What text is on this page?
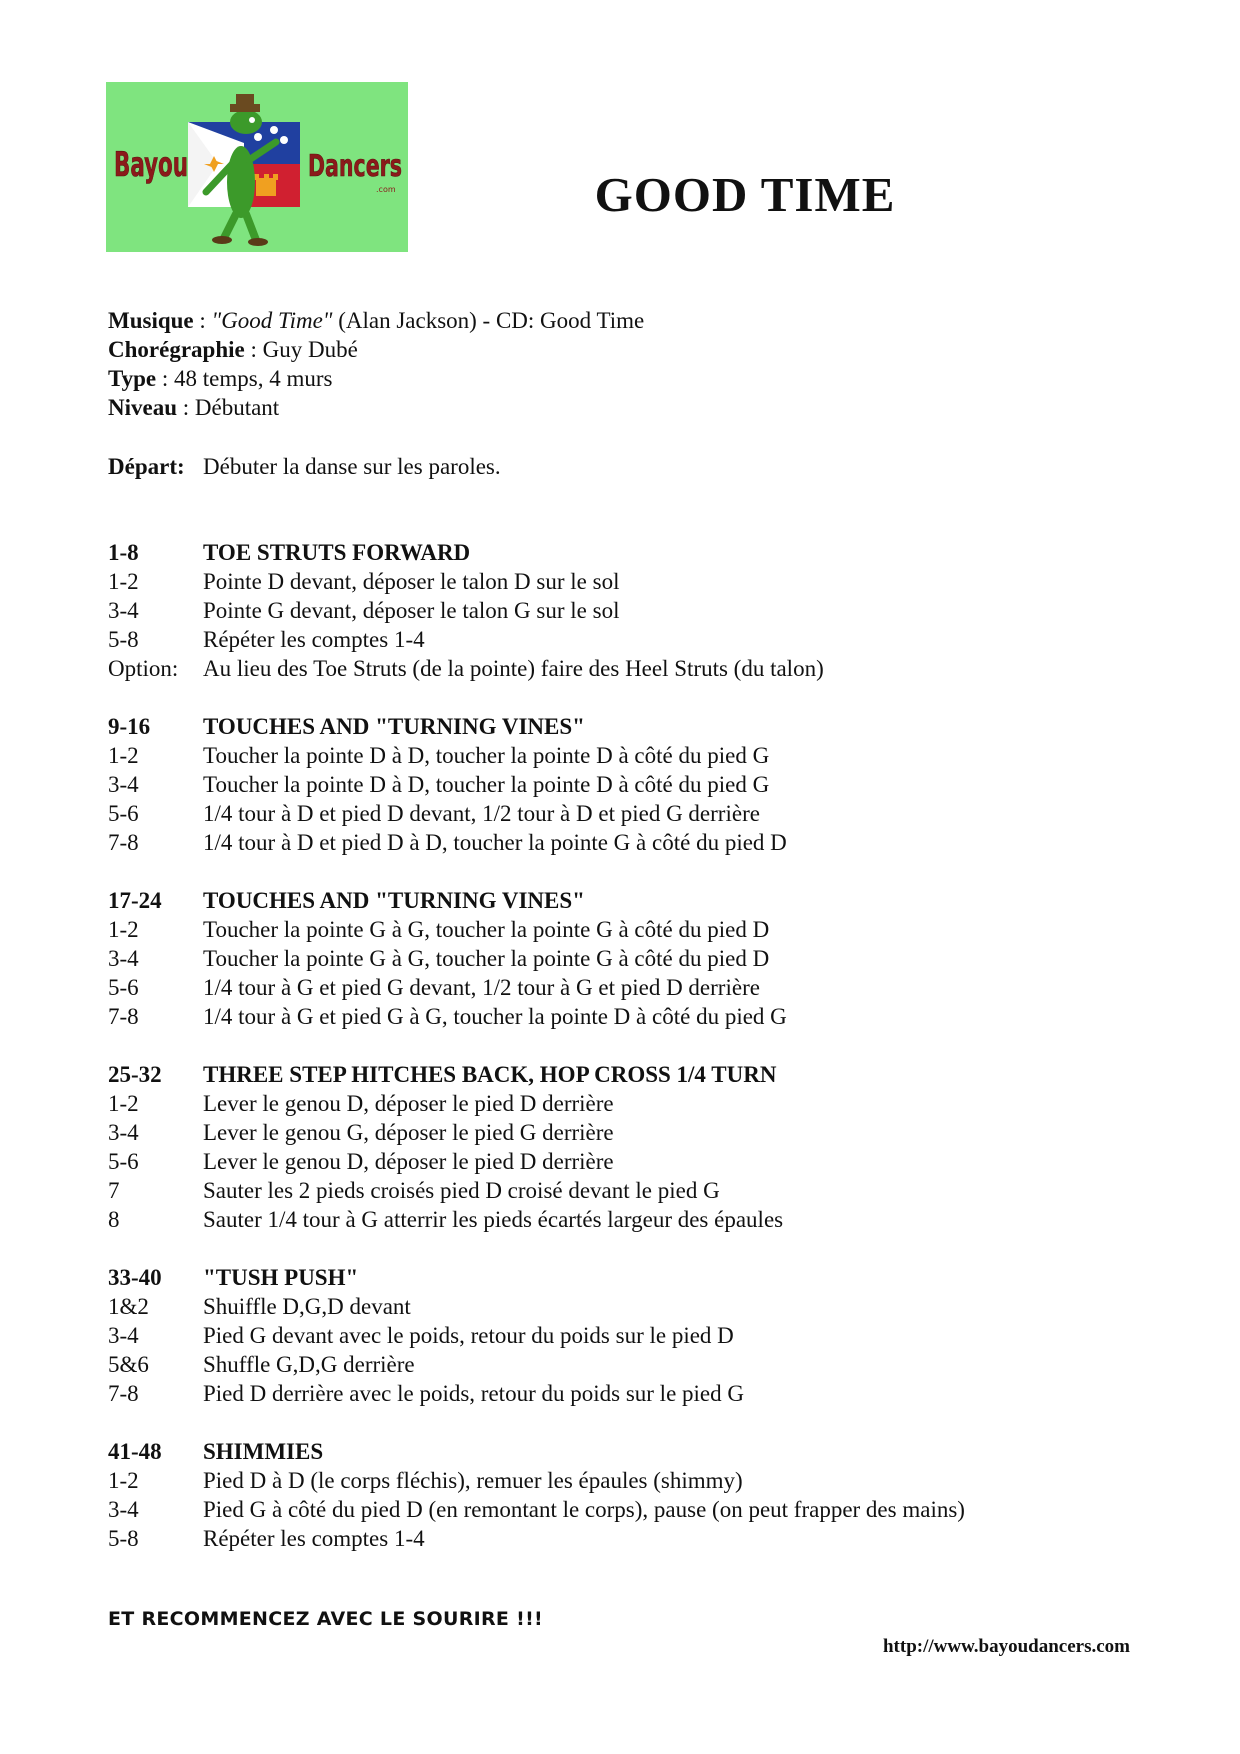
Bayou	Dancers
.com	GOOD TIME
Musique : "Good Time" (Alan Jackson) - CD: Good Time
Chorégraphie : Guy Dubé
Type : 48 temps, 4 murs
Niveau : Débutant
Départ: Débuter la danse sur les paroles.
1-8	TOE STRUTS FORWARD
1-2	Pointe D devant, déposer le talon D sur le sol
3-4	Pointe G devant, déposer le talon G sur le sol
5-8	Répéter les comptes 1-4
Option:	Au lieu des Toe Struts (de la pointe) faire des Heel Struts (du talon)
9-16	TOUCHES AND "TURNING VINES"
1-2	Toucher la pointe D à D, toucher la pointe D à côté du pied G
3-4	Toucher la pointe D à D, toucher la pointe D à côté du pied G
5-6	1/4 tour à D et pied D devant, 1/2 tour à D et pied G derrière
7-8	1/4 tour à D et pied D à D, toucher la pointe G à côté du pied D
17-24	TOUCHES AND "TURNING VINES"
1-2	Toucher la pointe G à G, toucher la pointe G à côté du pied D
3-4	Toucher la pointe G à G, toucher la pointe G à côté du pied D
5-6	1/4 tour à G et pied G devant, 1/2 tour à G et pied D derrière
7-8	1/4 tour à G et pied G à G, toucher la pointe D à côté du pied G
25-32	THREE STEP HITCHES BACK, HOP CROSS 1/4 TURN
1-2	Lever le genou D, déposer le pied D derrière
3-4	Lever le genou G, déposer le pied G derrière
5-6	Lever le genou D, déposer le pied D derrière
7	Sauter les 2 pieds croisés pied D croisé devant le pied G
8	Sauter 1/4 tour à G atterrir les pieds écartés largeur des épaules
33-40	"TUSH PUSH"
1&2	Shuiffle D,G,D devant
3-4	Pied G devant avec le poids, retour du poids sur le pied D
5&6	Shuffle G,D,G derrière
7-8	Pied D derrière avec le poids, retour du poids sur le pied G
41-48	SHIMMIES
1-2	Pied D à D (le corps fléchis), remuer les épaules (shimmy)
3-4	Pied G à côté du pied D (en remontant le corps), pause (on peut frapper des mains)
5-8	Répéter les comptes 1-4
ET RECOMMENCEZ AVEC LE SOURIRE !!!
http://www.bayoudancers.com
